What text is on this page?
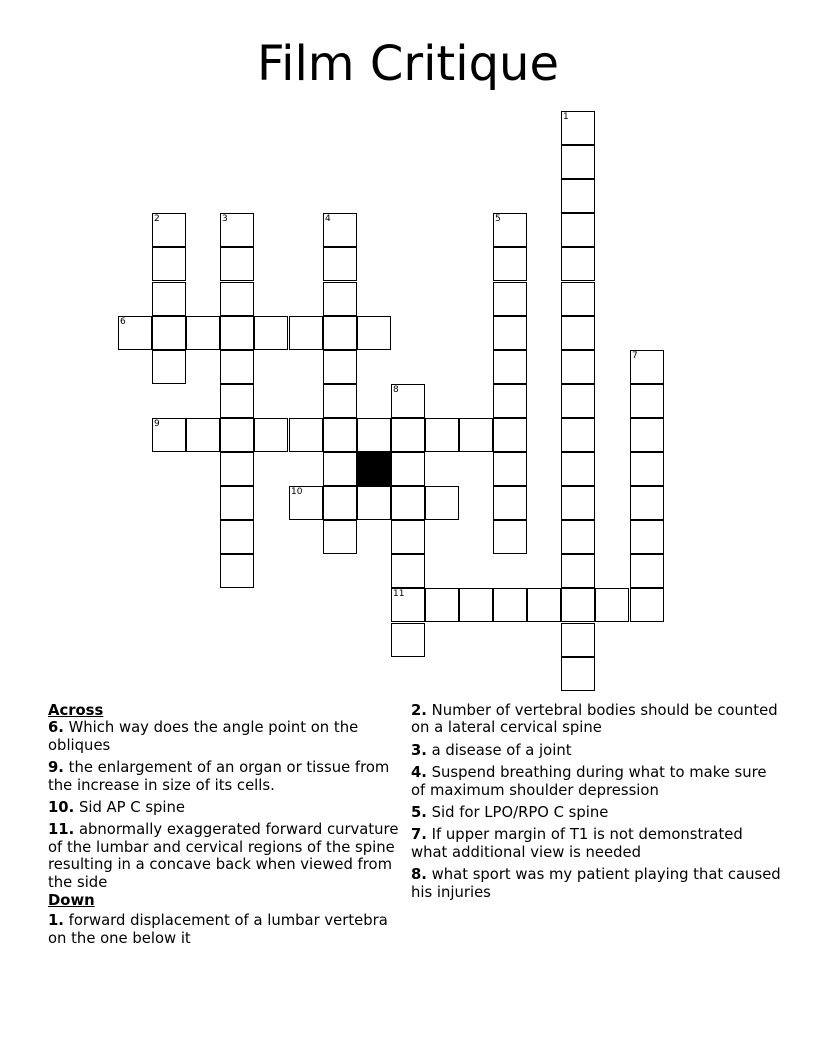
Film Critique
1
2	3	4	5
6
7
8
11
9
10
Across
6. Which way does the angle point on the obliques
9. the enlargement of an organ or tissue from the increase in size of its cells.
10. Sid AP C spine
11. abnormally exaggerated forward curvature of the lumbar and cervical regions of the spine resulting in a concave back when viewed from the side
Down
1. forward displacement of a lumbar vertebra on the one below it
2. Number of vertebral bodies should be counted on a lateral cervical spine
3. a disease of a joint
4. Suspend breathing during what to make sure of maximum shoulder depression
5. Sid for LPO/RPO C spine
7. If upper margin of T1 is not demonstrated what additional view is needed
8. what sport was my patient playing that caused his injuries
